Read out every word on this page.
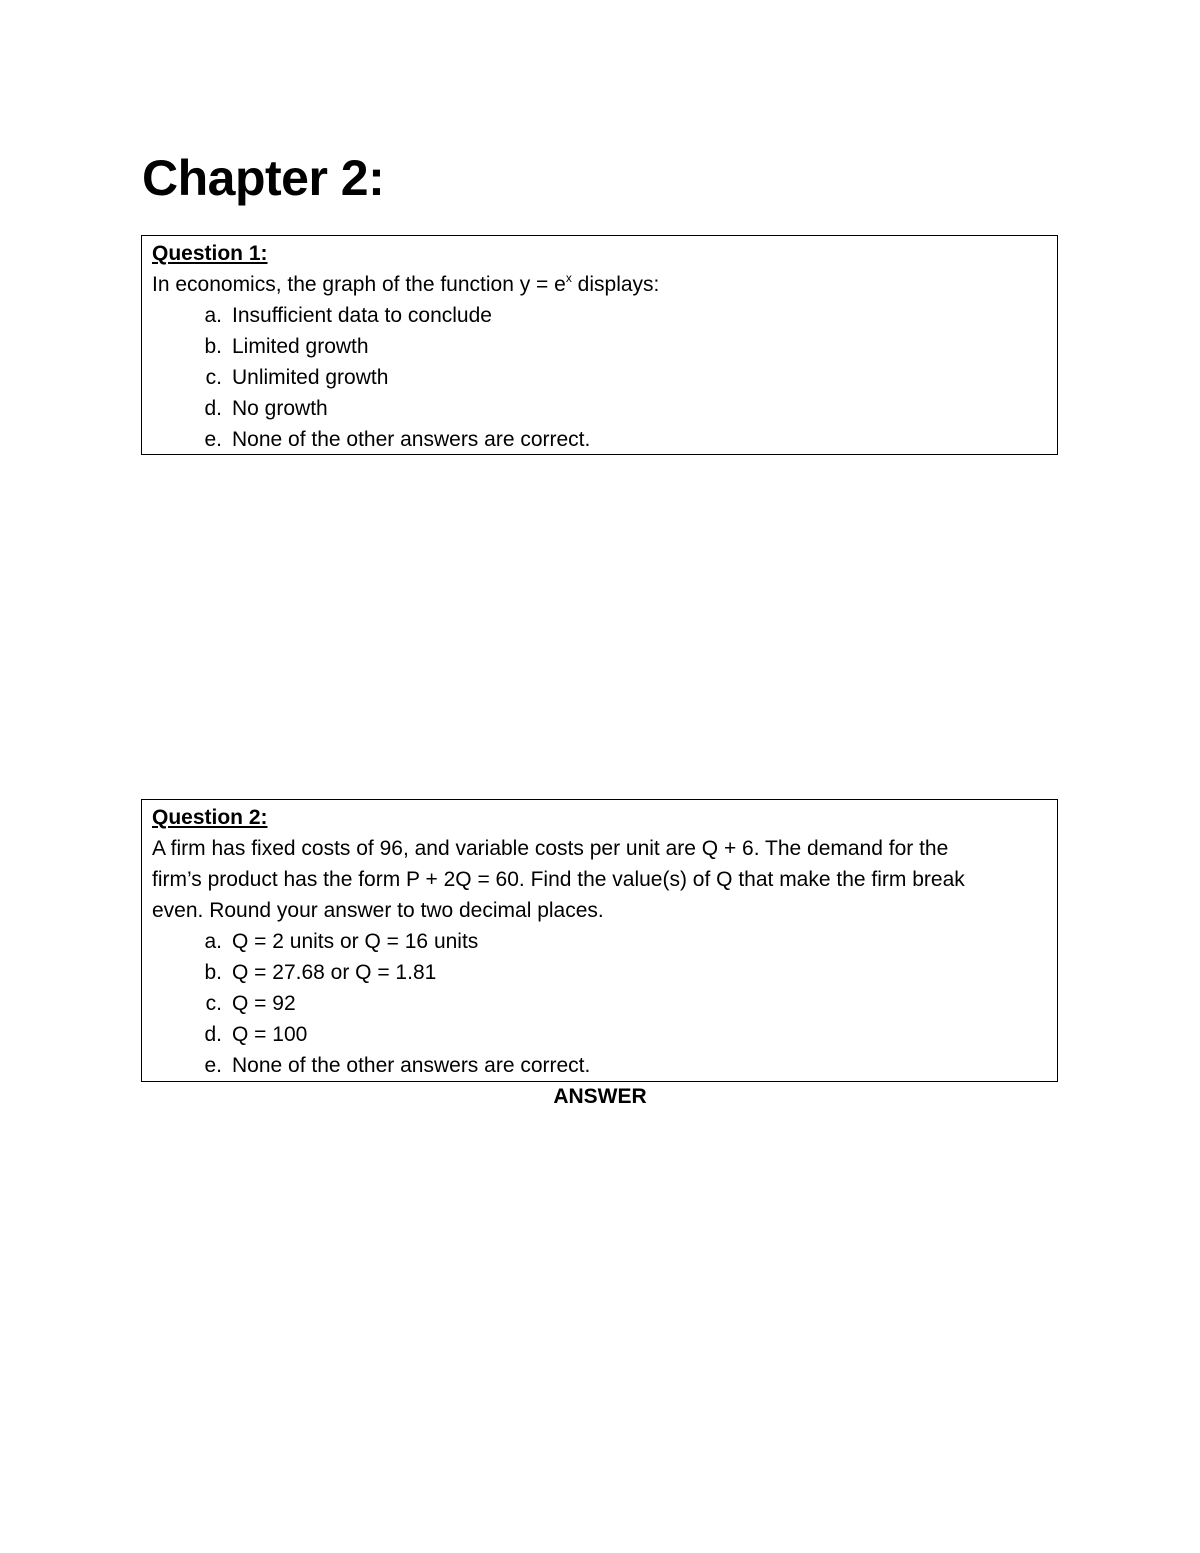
Chapter 2:
Question 1:
In economics, the graph of the function $y = e^x$ displays:
a. Insufficient data to conclude
b. Limited growth
c. Unlimited growth
d. No growth
e. None of the other answers are correct.
Question 2:
A firm has fixed costs of 96, and variable costs per unit are Q + 6. The demand for the
firm’s product has the form P + 2Q = 60. Find the value(s) of Q that make the firm break
even. Round your answer to two decimal places.
a. Q = 2 units or Q = 16 units
b. Q = 27.68 or Q = 1.81
c. Q = 92
d. Q = 100
e. None of the other answers are correct.
ANSWER
